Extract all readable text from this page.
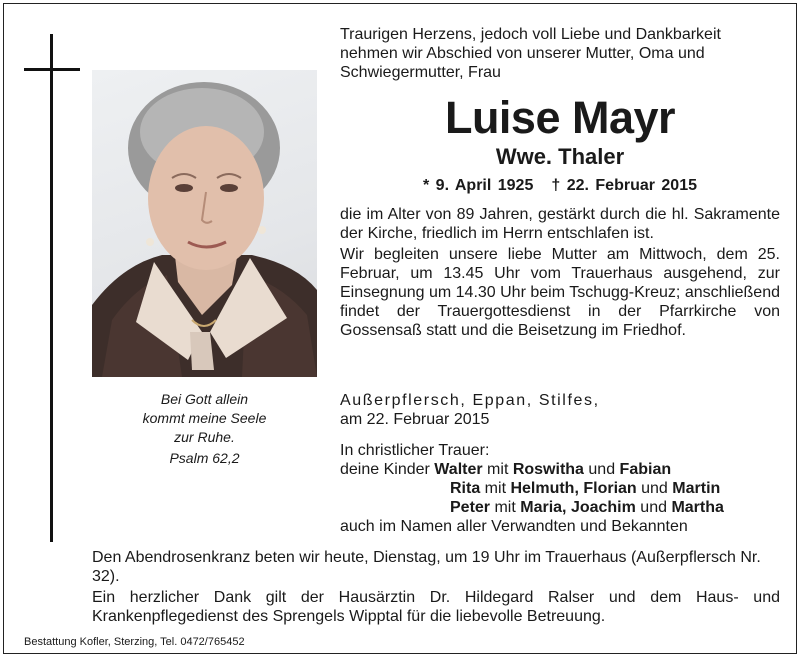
Bei Gott allein
kommt meine Seele
zur Ruhe.
Psalm 62,2
Traurigen Herzens, jedoch voll Liebe und Dankbarkeit
nehmen wir Abschied von unserer Mutter, Oma und
Schwiegermutter, Frau
Luise Mayr
Wwe. Thaler
* 9. April 1925 † 22. Februar 2015

die im Alter von 89 Jahren, gestärkt durch die hl. Sakramente der Kirche, friedlich im Herrn entschlafen ist.

Wir begleiten unsere liebe Mutter am Mittwoch, dem 25. Februar, um 13.45 Uhr vom Trauerhaus ausgehend, zur Einsegnung um 14.30 Uhr beim Tschugg-Kreuz; anschließend findet der Trauergottesdienst in der Pfarrkirche von Gossensaß statt und die Beisetzung im Friedhof.

Außerpflersch, Eppan, Stilfes,
am 22. Februar 2015
In christlicher Trauer:
deine Kinder Walter mit Roswitha und Fabian
Rita mit Helmuth, Florian und Martin
Peter mit Maria, Joachim und Martha
auch im Namen aller Verwandten und Bekannten
Den Abendrosenkranz beten wir heute, Dienstag, um 19 Uhr im Trauerhaus (Außerpflersch Nr. 32).
Ein herzlicher Dank gilt der Hausärztin Dr. Hildegard Ralser und dem Haus- und Krankenpflegedienst des Sprengels Wipptal für die liebevolle Betreuung.
Bestattung Kofler, Sterzing, Tel. 0472/765452
